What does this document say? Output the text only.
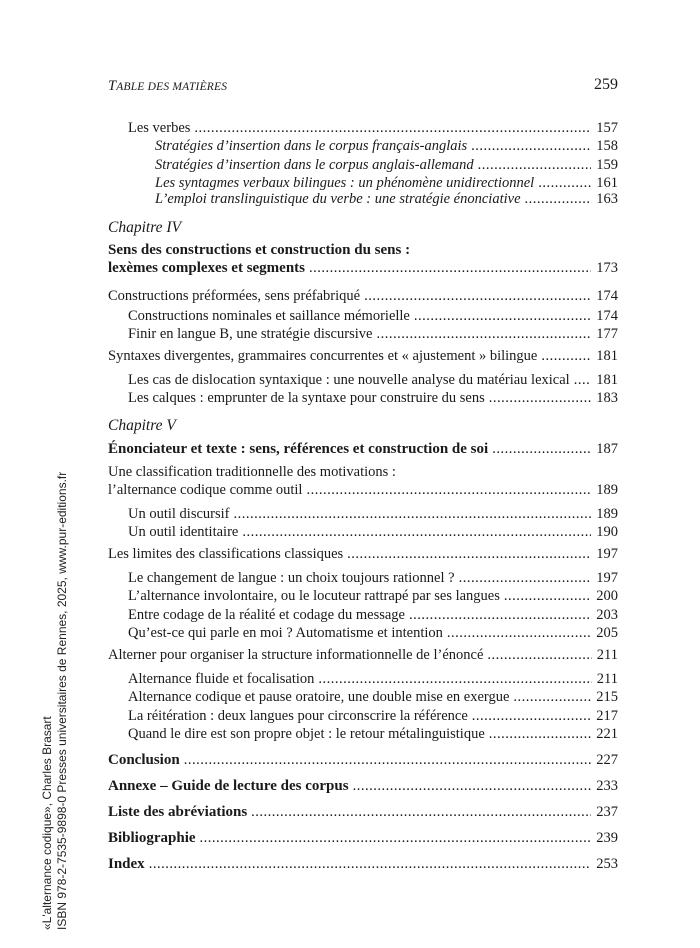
TABLE DES MATIÈRES	259
Chapitre IV
Chapitre V
Les verbes .....	157
Stratégies d’insertion dans le corpus français-anglais .....	158
Stratégies d’insertion dans le corpus anglais-allemand .....	159
Les syntagmes verbaux bilingues : un phénomène unidirectionnel .....	161
L’emploi translinguistique du verbe : une stratégie énonciative .....	163
Sens des constructions et construction du sens :
lexèmes complexes et segments .....	173
Constructions préformées, sens préfabriqué .....	174
Constructions nominales et saillance mémorielle .....	174
Finir en langue B, une stratégie discursive .....	177
Syntaxes divergentes, grammaires concurrentes et « ajustement » bilingue .....	181
Les cas de dislocation syntaxique : une nouvelle analyse du matériau lexical .....	181
Les calques : emprunter de la syntaxe pour construire du sens .....	183
Énonciateur et texte : sens, références et construction de soi .....	187
Une classification traditionnelle des motivations :
l’alternance codique comme outil .....	189
Un outil discursif .....	189
Un outil identitaire .....	190
Les limites des classifications classiques .....	197
Le changement de langue : un choix toujours rationnel ? .....	197
L’alternance involontaire, ou le locuteur rattrapé par ses langues .....	200
Entre codage de la réalité et codage du message .....	203
Qu’est-ce qui parle en moi ? Automatisme et intention .....	205
Alterner pour organiser la structure informationnelle de l’énoncé .....	211
Alternance fluide et focalisation .....	211
Alternance codique et pause oratoire, une double mise en exergue .....	215
La réitération : deux langues pour circonscrire la référence .....	217
Quand le dire est son propre objet : le retour métalinguistique .....	221
Conclusion .....	227
Annexe – Guide de lecture des corpus .....	233
Liste des abréviations .....	237
Bibliographie .....	239
Index .....	253
«L'alternance codique», Charles Brasart ISBN 978-2-7535-9898-0 Presses universitaires de Rennes, 2025, www.pur-editions.fr
